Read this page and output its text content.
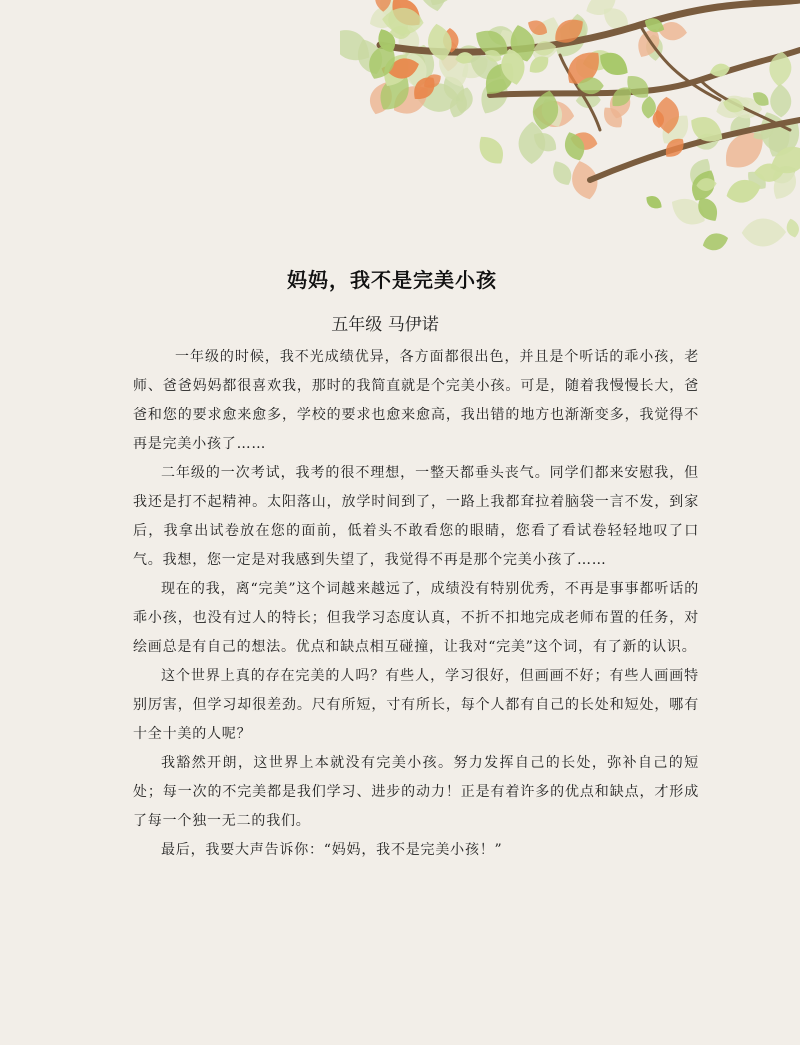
妈妈，我不是完美小孩
五年级 马伊诺

一年级的时候，我不光成绩优异，各方面都很出色，并且是个听话的乖小孩，老师、爸爸妈妈都很喜欢我，那时的我简直就是个完美小孩。可是，随着我慢慢长大，爸爸和您的要求愈来愈多，学校的要求也愈来愈高，我出错的地方也渐渐变多，我觉得不再是完美小孩了……

二年级的一次考试，我考的很不理想，一整天都垂头丧气。同学们都来安慰我，但我还是打不起精神。太阳落山，放学时间到了，一路上我都耷拉着脑袋一言不发，到家后，我拿出试卷放在您的面前，低着头不敢看您的眼睛，您看了看试卷轻轻地叹了口气。我想，您一定是对我感到失望了，我觉得不再是那个完美小孩了……

现在的我，离“完美”这个词越来越远了，成绩没有特别优秀，不再是事事都听话的乖小孩，也没有过人的特长；但我学习态度认真，不折不扣地完成老师布置的任务，对绘画总是有自己的想法。优点和缺点相互碰撞，让我对“完美”这个词，有了新的认识。

这个世界上真的存在完美的人吗？有些人，学习很好，但画画不好；有些人画画特别厉害，但学习却很差劲。尺有所短，寸有所长，每个人都有自己的长处和短处，哪有十全十美的人呢？

我豁然开朗，这世界上本就没有完美小孩。努力发挥自己的长处，弥补自己的短处；每一次的不完美都是我们学习、进步的动力！正是有着许多的优点和缺点，才形成了每一个独一无二的我们。

最后，我要大声告诉你：“妈妈，我不是完美小孩！”
